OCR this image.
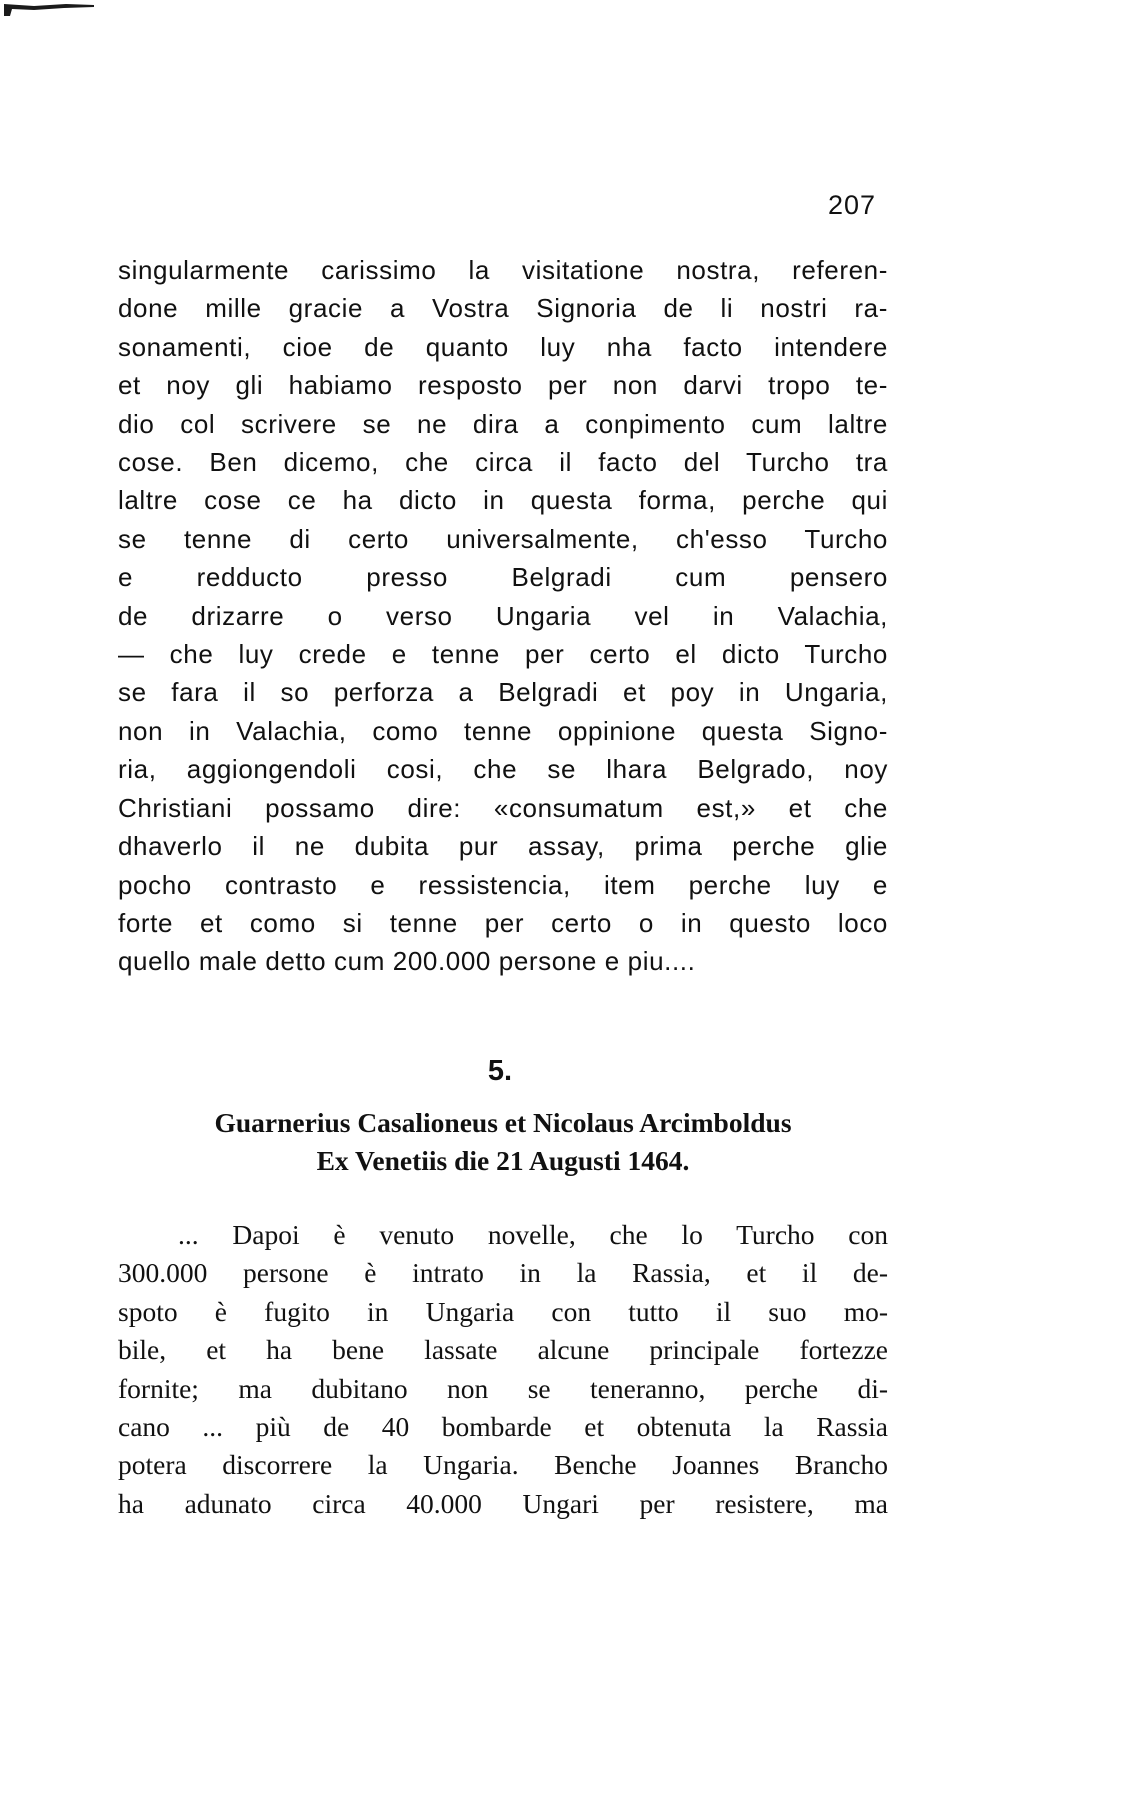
207
singularmente carissimo la visitatione nostra, referen-
done mille gracie a Vostra Signoria de li nostri ra-
sonamenti, cioe de quanto luy nha facto intendere
et noy gli habiamo resposto per non darvi tropo te-
dio col scrivere se ne dira a conpimento cum laltre
cose. Ben dicemo, che circa il facto del Turcho tra
laltre cose ce ha dicto in questa forma, perche qui
se tenne di certo universalmente, ch'esso Turcho
e redducto presso Belgradi cum pensero
de drizarre o verso Ungaria vel in Valachia,
— che luy crede e tenne per certo el dicto Turcho
se fara il so perforza a Belgradi et poy in Ungaria,
non in Valachia, como tenne oppinione questa Signo-
ria, aggiongendoli cosi, che se lhara Belgrado, noy
Christiani possamo dire: «consumatum est,» et che
dhaverlo il ne dubita pur assay, prima perche glie
pocho contrasto e ressistencia, item perche luy e
forte et como si tenne per certo o in questo loco
quello male detto cum 200.000 persone e piu....
5.
Guarnerius Casalioneus et Nicolaus Arcimboldus
Ex Venetiis die 21 Augusti 1464.
... Dapoi è venuto novelle, che lo Turcho con
300.000 persone è intrato in la Rassia, et il de-
spoto è fugito in Ungaria con tutto il suo mo-
bile, et ha bene lassate alcune principale fortezze
fornite; ma dubitano non se teneranno, perche di-
cano ... più de 40 bombarde et obtenuta la Rassia
potera discorrere la Ungaria. Benche Joannes Brancho
ha adunato circa 40.000 Ungari per resistere, ma
